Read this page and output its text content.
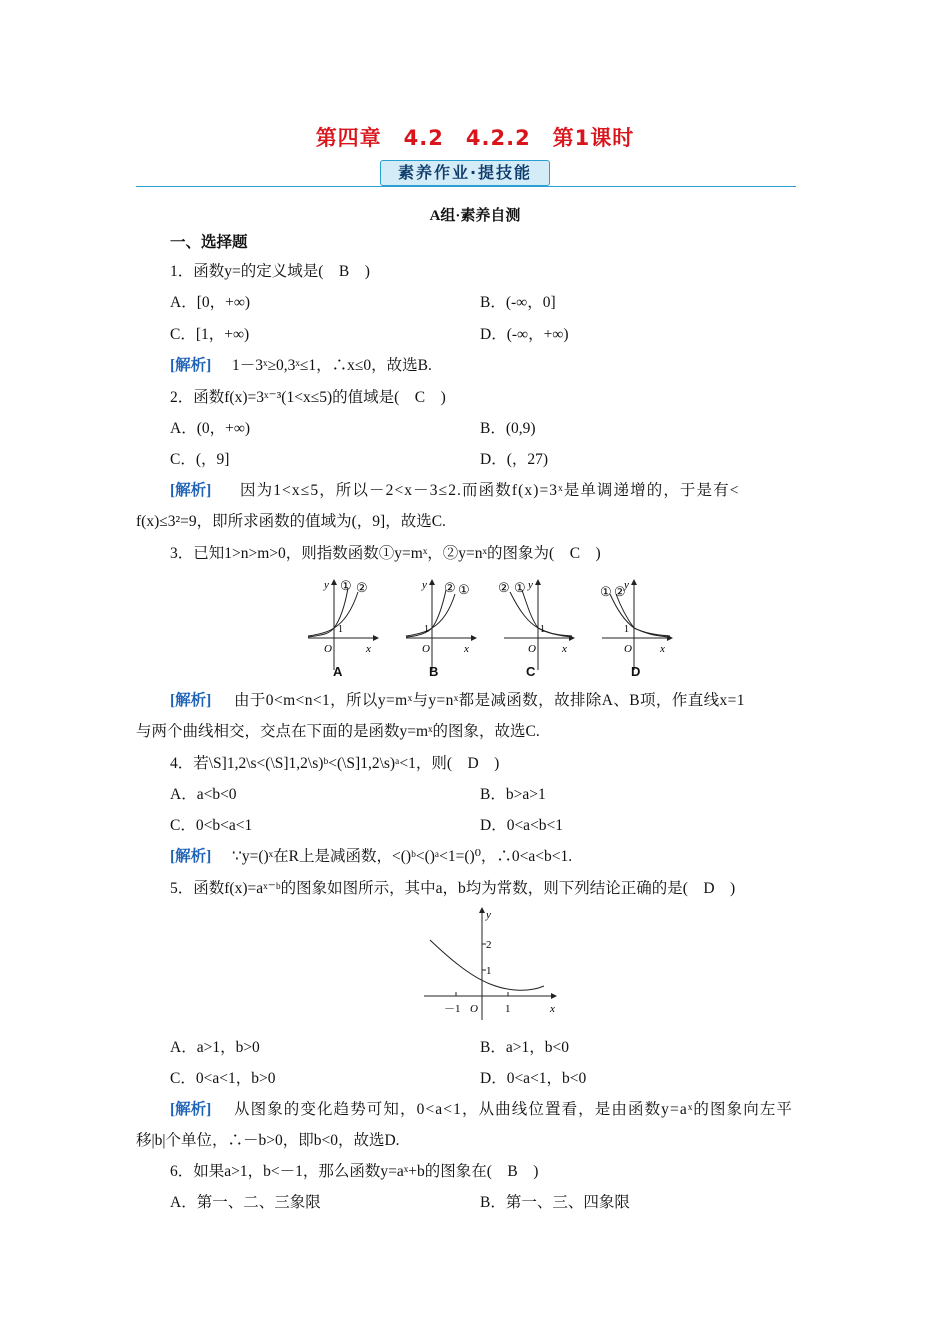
第四章　4.2　4.2.2　第1课时
素养作业·提技能
A组·素养自测
一、选择题
1．函数y=的定义域是(　B　)
A．[0，+∞)	B．(-∞，0]
C．[1，+∞)	D．(-∞，+∞)
[解析] 1－3ˣ≥0,3ˣ≤1，∴x≤0，故选B.
2．函数f(x)=3ˣ⁻³(1<x≤5)的值域是(　C　)
A．(0，+∞)	B．(0,9)
C．(，9]	D．(，27)
[解析] 因为1<x≤5，所以－2<x－3≤2.而函数f(x)=3ˣ是单调递增的，于是有<
f(x)≤3²=9，即所求函数的值域为(，9]，故选C.
3．已知1>n>m>0，则指数函数①y=mˣ，②y=nˣ的图象为(　C　)
y
x
O
1
① ②	y
x
O
1
② ①	y
x
O
1
② ①	y
x
O
1
① ②
A	B	C	D
[解析] 由于0<m<n<1，所以y=mˣ与y=nˣ都是减函数，故排除A、B项，作直线x=1
与两个曲线相交，交点在下面的是函数y=mˣ的图象，故选C.
4．若\S]1,2\s<(\S]1,2\s)ᵇ<(\S]1,2\s)ᵃ<1，则(　D　)
A．a<b<0	B．b>a>1
C．0<b<a<1	D．0<a<b<1
[解析] ∵y=()ˣ在R上是减函数，<()ᵇ<()ᵃ<1=()⁰，∴0<a<b<1.
5．函数f(x)=aˣ⁻ᵇ的图象如图所示，其中a，b均为常数，则下列结论正确的是(　D　)
y
x
2
1
－1	1
O
A．a>1，b>0	B．a>1，b<0
C．0<a<1，b>0	D．0<a<1，b<0
[解析] 从图象的变化趋势可知，0<a<1，从曲线位置看，是由函数y=aˣ的图象向左平
移|b|个单位，∴－b>0，即b<0，故选D.
6．如果a>1，b<－1，那么函数y=aˣ+b的图象在(　B　)
A．第一、二、三象限	B．第一、三、四象限
